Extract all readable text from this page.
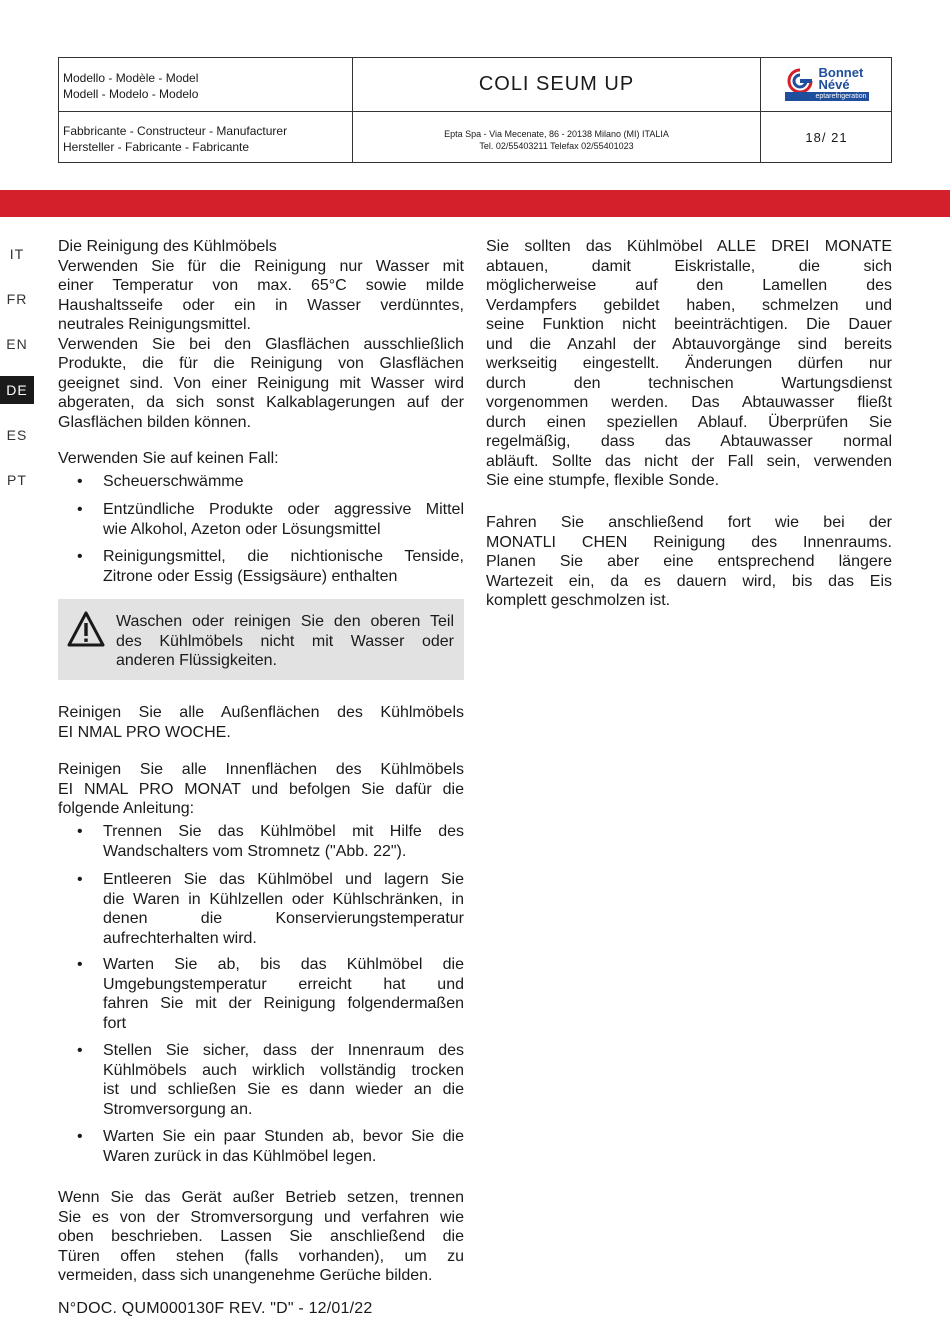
Modello - Modèle - Model
Modell - Modelo - Modelo	COLI SEUM UP
Bonnet
Névé
eptarefrigeration
Fabbricante - Constructeur - Manufacturer
Hersteller - Fabricante - Fabricante
Epta Spa - Via Mecenate, 86 - 20138 Milano (MI) ITALIA
Tel. 02/55403211 Telefax 02/55401023
18/ 21
IT
FR
EN
DE
ES
PT
Die Reinigung des Kühlmöbels
Verwenden Sie für die Reinigung nur Wasser mit
einer Temperatur von max. 65°C sowie milde
Haushaltsseife oder ein in Wasser verdünntes,
neutrales Reinigungsmittel.
Verwenden Sie bei den Glasflächen ausschließlich
Produkte, die für die Reinigung von Glasflächen
geeignet sind. Von einer Reinigung mit Wasser wird
abgeraten, da sich sonst Kalkablagerungen auf der
Glasflächen bilden können.
Verwenden Sie auf keinen Fall:
• Scheuerschwämme
• Entzündliche Produkte oder aggressive Mittel
wie Alkohol, Azeton oder Lösungsmittel
• Reinigungsmittel, die nichtionische Tenside,
Zitrone oder Essig (Essigsäure) enthalten
Waschen oder reinigen Sie den oberen Teil
des Kühlmöbels nicht mit Wasser oder
anderen Flüssigkeiten.
Reinigen Sie alle Außenflächen des Kühlmöbels
EI NMAL PRO WOCHE.
Reinigen Sie alle Innenflächen des Kühlmöbels
EI NMAL PRO MONAT und befolgen Sie dafür die
folgende Anleitung:
• Trennen Sie das Kühlmöbel mit Hilfe des
Wandschalters vom Stromnetz ("Abb. 22").
• Entleeren Sie das Kühlmöbel und lagern Sie
die Waren in Kühlzellen oder Kühlschränken, in
denen die Konservierungstemperatur
aufrechterhalten wird.
• Warten Sie ab, bis das Kühlmöbel die
Umgebungstemperatur erreicht hat und
fahren Sie mit der Reinigung folgendermaßen
fort
• Stellen Sie sicher, dass der Innenraum des
Kühlmöbels auch wirklich vollständig trocken
ist und schließen Sie es dann wieder an die
Stromversorgung an.
• Warten Sie ein paar Stunden ab, bevor Sie die
Waren zurück in das Kühlmöbel legen.
Wenn Sie das Gerät außer Betrieb setzen, trennen
Sie es von der Stromversorgung und verfahren wie
oben beschrieben. Lassen Sie anschließend die
Türen offen stehen (falls vorhanden), um zu
vermeiden, dass sich unangenehme Gerüche bilden.
Sie sollten das Kühlmöbel ALLE DREI MONATE
abtauen, damit Eiskristalle, die sich
möglicherweise auf den Lamellen des
Verdampfers gebildet haben, schmelzen und
seine Funktion nicht beeinträchtigen. Die Dauer
und die Anzahl der Abtauvorgänge sind bereits
werkseitig eingestellt. Änderungen dürfen nur
durch den technischen Wartungsdienst
vorgenommen werden. Das Abtauwasser fließt
durch einen speziellen Ablauf. Überprüfen Sie
regelmäßig, dass das Abtauwasser normal
abläuft. Sollte das nicht der Fall sein, verwenden
Sie eine stumpfe, flexible Sonde.
Fahren Sie anschließend fort wie bei der
MONATLI CHEN Reinigung des Innenraums.
Planen Sie aber eine entsprechend längere
Wartezeit ein, da es dauern wird, bis das Eis
komplett geschmolzen ist.
N°DOC. QUM000130F REV. "D" - 12/01/22
